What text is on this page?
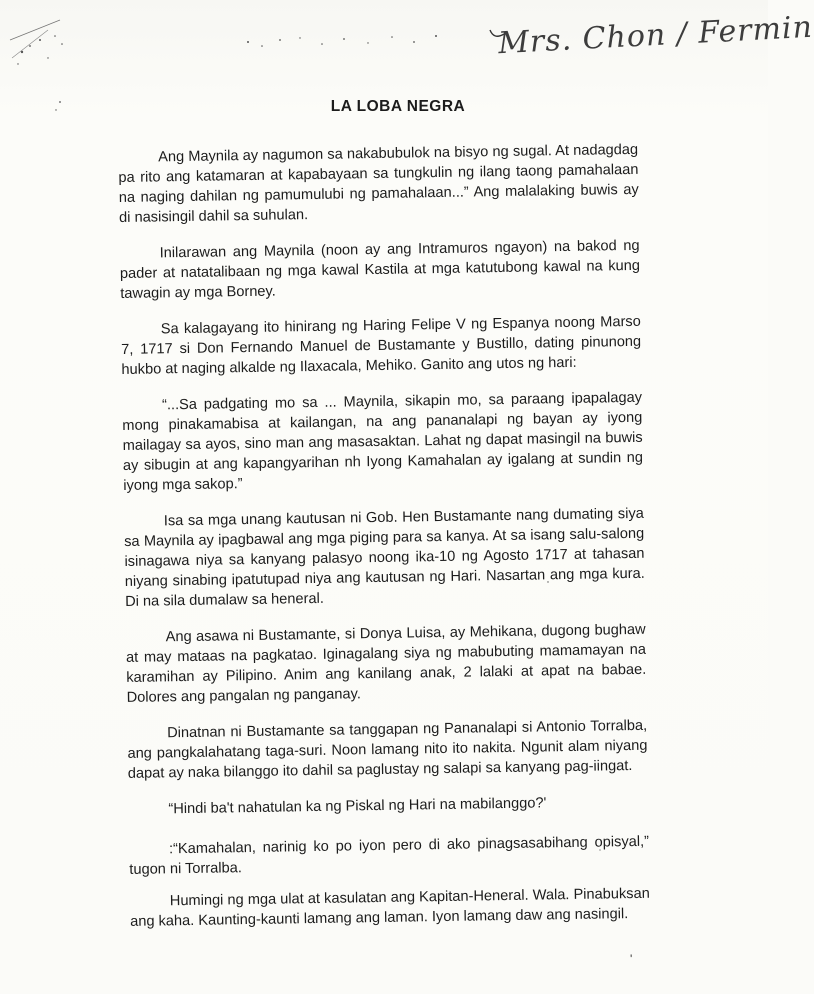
Mrs. Chon / Fermin
LA LOBA NEGRA

Ang Maynila ay nagumon sa nakabubulok na bisyo ng sugal. At nadagdag pa rito ang katamaran at kapabayaan sa tungkulin ng ilang taong pamahalaan na naging dahilan ng pamumulubi ng pamahalaan...” Ang malalaking buwis ay di nasisingil dahil sa suhulan.

Inilarawan ang Maynila (noon ay ang Intramuros ngayon) na bakod ng pader at natatalibaan ng mga kawal Kastila at mga katutubong kawal na kung tawagin ay mga Borney.

Sa kalagayang ito hinirang ng Haring Felipe V ng Espanya noong Marso 7, 1717 si Don Fernando Manuel de Bustamante y Bustillo, dating pinunong hukbo at naging alkalde ng Ilaxacala, Mehiko. Ganito ang utos ng hari:

“...Sa padgating mo sa ... Maynila, sikapin mo, sa paraang ipapalagay mong pinakamabisa at kailangan, na ang pananalapi ng bayan ay iyong mailagay sa ayos, sino man ang masasaktan. Lahat ng dapat masingil na buwis ay sibugin at ang kapangyarihan nh Iyong Kamahalan ay igalang at sundin ng iyong mga sakop.”

Isa sa mga unang kautusan ni Gob. Hen Bustamante nang dumating siya sa Maynila ay ipagbawal ang mga piging para sa kanya. At sa isang salu-salong isinagawa niya sa kanyang palasyo noong ika-10 ng Agosto 1717 at tahasan niyang sinabing ipatutupad niya ang kautusan ng Hari. Nasartan ang mga kura. Di na sila dumalaw sa heneral.

Ang asawa ni Bustamante, si Donya Luisa, ay Mehikana, dugong bughaw at may mataas na pagkatao. Iginagalang siya ng mabubuting mamamayan na karamihan ay Pilipino. Anim ang kanilang anak, 2 lalaki at apat na babae. Dolores ang pangalan ng panganay.

Dinatnan ni Bustamante sa tanggapan ng Pananalapi si Antonio Torralba, ang pangkalahatang taga-suri. Noon lamang nito ito nakita. Ngunit alam niyang dapat ay naka bilanggo ito dahil sa paglustay ng salapi sa kanyang pag-iingat.

“Hindi ba't nahatulan ka ng Piskal ng Hari na mabilanggo?'

:“Kamahalan, narinig ko po iyon pero di ako pinagsasabihang opisyal,” tugon ni Torralba.

Humingi ng mga ulat at kasulatan ang Kapitan-Heneral. Wala. Pinabuksan ang kaha. Kaunting-kaunti lamang ang laman. Iyon lamang daw ang nasingil.

'
